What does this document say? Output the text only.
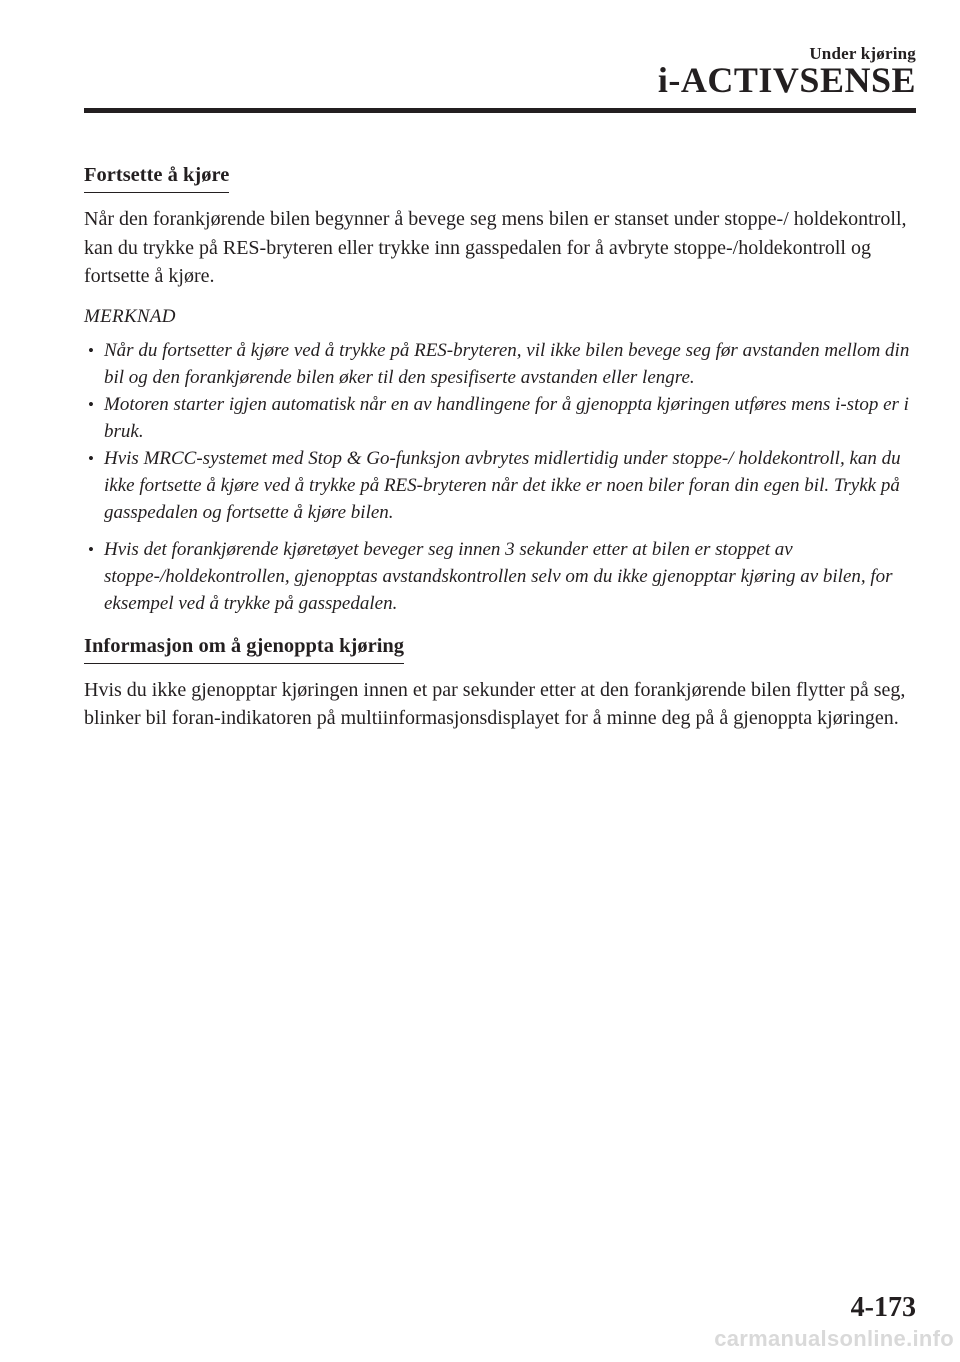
Under kjøring
i-ACTIVSENSE
Fortsette å kjøre

Når den forankjørende bilen begynner å bevege seg mens bilen er stanset under stoppe-/ holdekontroll, kan du trykke på RES-bryteren eller trykke inn gasspedalen for å avbryte stoppe-/holdekontroll og fortsette å kjøre.

MERKNAD
• Når du fortsetter å kjøre ved å trykke på RES-bryteren, vil ikke bilen bevege seg før avstanden mellom din bil og den forankjørende bilen øker til den spesifiserte avstanden eller lengre.
• Motoren starter igjen automatisk når en av handlingene for å gjenoppta kjøringen utføres mens i-stop er i bruk.
• Hvis MRCC-systemet med Stop & Go-funksjon avbrytes midlertidig under stoppe-/ holdekontroll, kan du ikke fortsette å kjøre ved å trykke på RES-bryteren når det ikke er noen biler foran din egen bil. Trykk på gasspedalen og fortsette å kjøre bilen.
• Hvis det forankjørende kjøretøyet beveger seg innen 3 sekunder etter at bilen er stoppet av stoppe-/holdekontrollen, gjenopptas avstandskontrollen selv om du ikke gjenopptar kjøring av bilen, for eksempel ved å trykke på gasspedalen.
Informasjon om å gjenoppta kjøring

Hvis du ikke gjenopptar kjøringen innen et par sekunder etter at den forankjørende bilen flytter på seg, blinker bil foran-indikatoren på multiinformasjonsdisplayet for å minne deg på å gjenoppta kjøringen.

4-173
carmanualsonline.info
